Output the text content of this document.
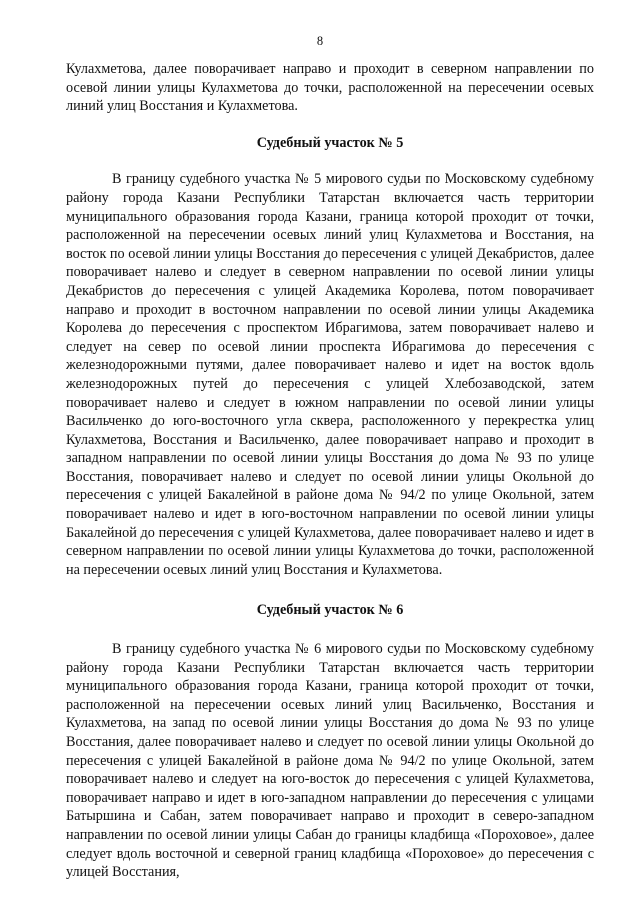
8

Кулахметова, далее поворачивает направо и проходит в северном направлении по осевой линии улицы Кулахметова до точки, расположенной на пересечении осевых линий улиц Восстания и Кулахметова.

Судебный участок № 5

В границу судебного участка № 5 мирового судьи по Московскому судебному району города Казани Республики Татарстан включается часть территории муниципального образования города Казани, граница которой проходит от точки, расположенной на пересечении осевых линий улиц Кулахметова и Восстания, на восток по осевой линии улицы Восстания до пересечения с улицей Декабристов, далее поворачивает налево и следует в северном направлении по осевой линии улицы Декабристов до пересечения с улицей Академика Королева, потом поворачивает направо и проходит в восточном направлении по осевой линии улицы Академика Королева до пересечения с проспектом Ибрагимова, затем поворачивает налево и следует на север по осевой линии проспекта Ибрагимова до пересечения с железнодорожными путями, далее поворачивает налево и идет на восток вдоль железнодорожных путей до пересечения с улицей Хлебозаводской, затем поворачивает налево и следует в южном направлении по осевой линии улицы Васильченко до юго-восточного угла сквера, расположенного у перекрестка улиц Кулахметова, Восстания и Васильченко, далее поворачивает направо и проходит в западном направлении по осевой линии улицы Восстания до дома № 93 по улице Восстания, поворачивает налево и следует по осевой линии улицы Окольной до пересечения с улицей Бакалейной в районе дома № 94/2 по улице Окольной, затем поворачивает налево и идет в юго-восточном направлении по осевой линии улицы Бакалейной до пересечения с улицей Кулахметова, далее поворачивает налево и идет в северном направлении по осевой линии улицы Кулахметова до точки, расположенной на пересечении осевых линий улиц Восстания и Кулахметова.

Судебный участок № 6

В границу судебного участка № 6 мирового судьи по Московскому судебному району города Казани Республики Татарстан включается часть территории муниципального образования города Казани, граница которой проходит от точки, расположенной на пересечении осевых линий улиц Васильченко, Восстания и Кулахметова, на запад по осевой линии улицы Восстания до дома № 93 по улице Восстания, далее поворачивает налево и следует по осевой линии улицы Окольной до пересечения с улицей Бакалейной в районе дома № 94/2 по улице Окольной, затем поворачивает налево и следует на юго-восток до пересечения с улицей Кулахметова, поворачивает направо и идет в юго-западном направлении до пересечения с улицами Батыршина и Сабан, затем поворачивает направо и проходит в северо-западном направлении по осевой линии улицы Сабан до границы кладбища «Пороховое», далее следует вдоль восточной и северной границ кладбища «Пороховое» до пересечения с улицей Восстания,
